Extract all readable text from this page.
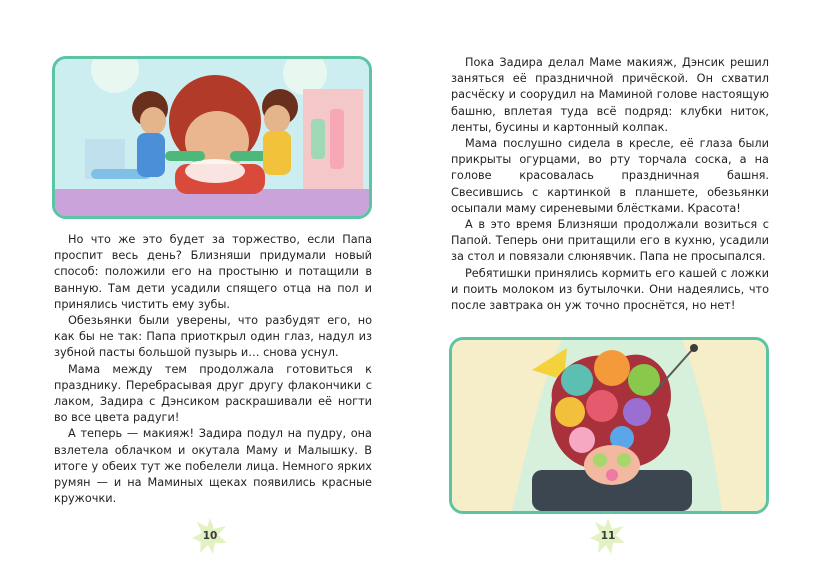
Но что же это будет за торжество, если Папа проспит весь день? Близняши придумали новый способ: положили его на простыню и потащили в ванную. Там дети усадили спящего отца на пол и принялись чистить ему зубы.

Обезьянки были уверены, что разбудят его, но как бы не так: Папа приоткрыл один глаз, надул из зубной пасты большой пузырь и… снова уснул.

Мама между тем продолжала готовиться к празднику. Перебрасывая друг другу флакончики с лаком, Задира с Дэнсиком раскрашивали её ногти во все цвета радуги!

А теперь — макияж! Задира подул на пудру, она взлетела облачком и окутала Маму и Малышку. В итоге у обеих тут же побелели лица. Немного ярких румян — и на Маминых щеках появились красные кружочки.

10

Пока Задира делал Маме макияж, Дэнсик решил заняться её праздничной причёской. Он схватил расчёску и соорудил на Маминой голове настоящую башню, вплетая туда всё подряд: клубки ниток, ленты, бусины и картонный колпак.

Мама послушно сидела в кресле, её глаза были прикрыты огурцами, во рту торчала соска, а на голове красовалась праздничная башня. Свесившись с картинкой в планшете, обезьянки осыпали маму сиреневыми блёстками. Красота!

А в это время Близняши продолжали возиться с Папой. Теперь они притащили его в кухню, усадили за стол и повязали слюнявчик. Папа не просыпался.

Ребятишки принялись кормить его кашей с ложки и поить молоком из бутылочки. Они надеялись, что после завтрака он уж точно проснётся, но нет!

11
